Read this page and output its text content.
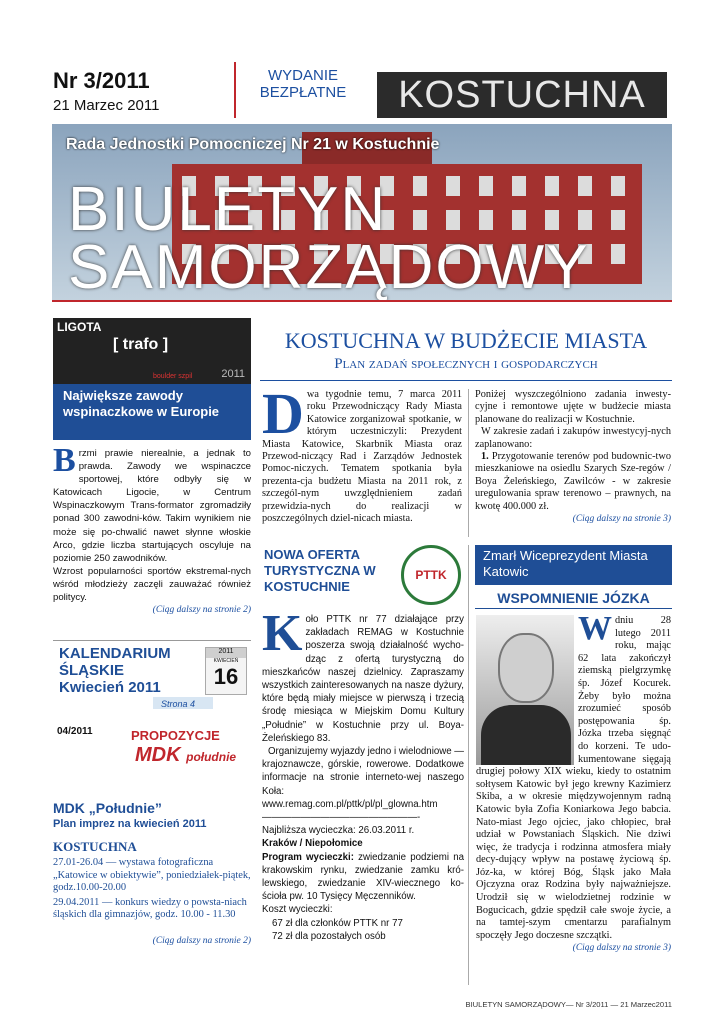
Nr 3/2011
21 Marzec 2011
WYDANIE
BEZPŁATNE	KOSTUCHNA
Rada Jednostki Pomocniczej Nr 21 w Kostuchnie
BIULETYN
SAMORZĄDOWY
LIGOTA
[ trafo ]
boulder szpil	2011
Największe zawody wspinaczkowe w Europie
Brzmi prawie nierealnie, a jednak to prawda. Zawody we wspinaczce sportowej, które odbyły się w Katowicach Ligocie, w Centrum Wspinaczkowym Trans-formator zgromadziły ponad 300 zawodni-ków. Takim wynikiem nie może się po-chwalić nawet słynne włoskie Arco, gdzie liczba startujących oscyluje na poziomie 250 zawodników.
Wzrost popularności sportów ekstremal-nych wśród młodzieży zaczęli zauważać również politycy.
(Ciąg dalszy na stronie 2)
KALENDARIUM
ŚLĄSKIE
Kwiecień 2011
2011
KWIECIEŃ
16
Strona 4
04/2011	PROPOZYCJE
MDK południe
MDK „Południe”
Plan imprez na kwiecień 2011
KOSTUCHNA
27.01-26.04 — wystawa fotograficzna „Katowice w obiektywie”, poniedziałek-piątek, godz.10.00-20.00
29.04.2011 — konkurs wiedzy o powsta-niach śląskich dla gimnazjów, godz. 10.00 - 11.30
(Ciąg dalszy na stronie 2)
KOSTUCHNA W BUDŻECIE MIASTA
Plan zadań społecznych i gospodarczych
Dwa tygodnie temu, 7 marca 2011 roku Przewodniczący Rady Miasta Katowice zorganizował spotkanie, w którym uczestniczyli: Prezydent Miasta Katowice, Skarbnik Miasta oraz Przewod-niczący Rad i Zarządów Jednostek Pomoc-niczych. Tematem spotkania była prezenta-cja budżetu Miasta na 2011 rok, z szczegól-nym uwzględnieniem zadań przewidzia-nych do realizacji w poszczególnych dziel-nicach miasta.
Poniżej wyszczególniono zadania inwesty-cyjne i remontowe ujęte w budżecie miasta planowane do realizacji w Kostuchnie.
W zakresie zadań i zakupów inwestycyj-nych zaplanowano:
1. Przygotowanie terenów pod budownic-two mieszkaniowe na osiedlu Szarych Sze-regów / Boya Żeleńskiego, Zawilców - w zakresie uregulowania spraw terenowo – prawnych, na kwotę 400.000 zł.
(Ciąg dalszy na stronie 3)
NOWA OFERTA TURYSTYCZNA W KOSTUCHNIE
PTTK

Koło PTTK nr 77 działające przy zakładach REMAG w Kostuchnie poszerza swoją działalność wycho-dząc z ofertą turystyczną do mieszkańców naszej dzielnicy. Zapraszamy wszystkich zainteresowanych na nasze dyżury, które będą miały miejsce w pierwszą i trzecią środę miesiąca w Miejskim Domu Kultury „Południe” w Kostuchnie przy ul. Boya-Żeleńskiego 83.

Organizujemy wyjazdy jedno i wielodniowe — krajoznawcze, górskie, rowerowe. Dodatkowe informacje na stronie interneto-wej naszego Koła:

www.remag.com.pl/pttk/pl/pl_glowna.htm

————————————————-

Najbliższa wycieczka: 26.03.2011 r.

Kraków / Niepołomice

Program wycieczki: zwiedzanie podziemi na krakowskim rynku, zwiedzanie zamku kró-lewskiego, zwiedzanie XIV-wiecznego ko-ścioła pw. 10 Tysięcy Męczenników.

Koszt wycieczki:

67 zł dla członków PTTK nr 77

72 zł dla pozostałych osób

Zmarł Wiceprezydent Miasta Katowic
WSPOMNIENIE JÓZKA
Wdniu 28 lutego 2011 roku, mając 62 lata zakończył ziemską pielgrzymkę śp. Józef Kocurek. Żeby było można zrozumieć sposób postępowania śp. Józka trzeba sięgnąć do korzeni. Te udo-kumentowane sięgają drugiej połowy XIX wieku, kiedy to ostatnim sołtysem Katowic był jego krewny Kazimierz Skiba, a w okresie międzywojennym radną Katowic była Zofia Koniarkowa Jego babcia. Nato-miast Jego ojciec, jako chłopiec, brał udział w Powstaniach Śląskich. Nie dziwi więc, że tradycja i rodzinna atmosfera miały decy-dujący wpływ na postawę życiową śp. Józ-ka, w której Bóg, Śląsk jako Mała Ojczyzna oraz Rodzina były najważniejsze. Urodził się w wielodzietnej rodzinie w Bogucicach, gdzie spędził całe swoje życie, a na tamtej-szym cmentarzu parafialnym spoczęły Jego doczesne szczątki.
(Ciąg dalszy na stronie 3)
BIULETYN SAMORZĄDOWY— Nr 3/2011 — 21 Marzec2011
